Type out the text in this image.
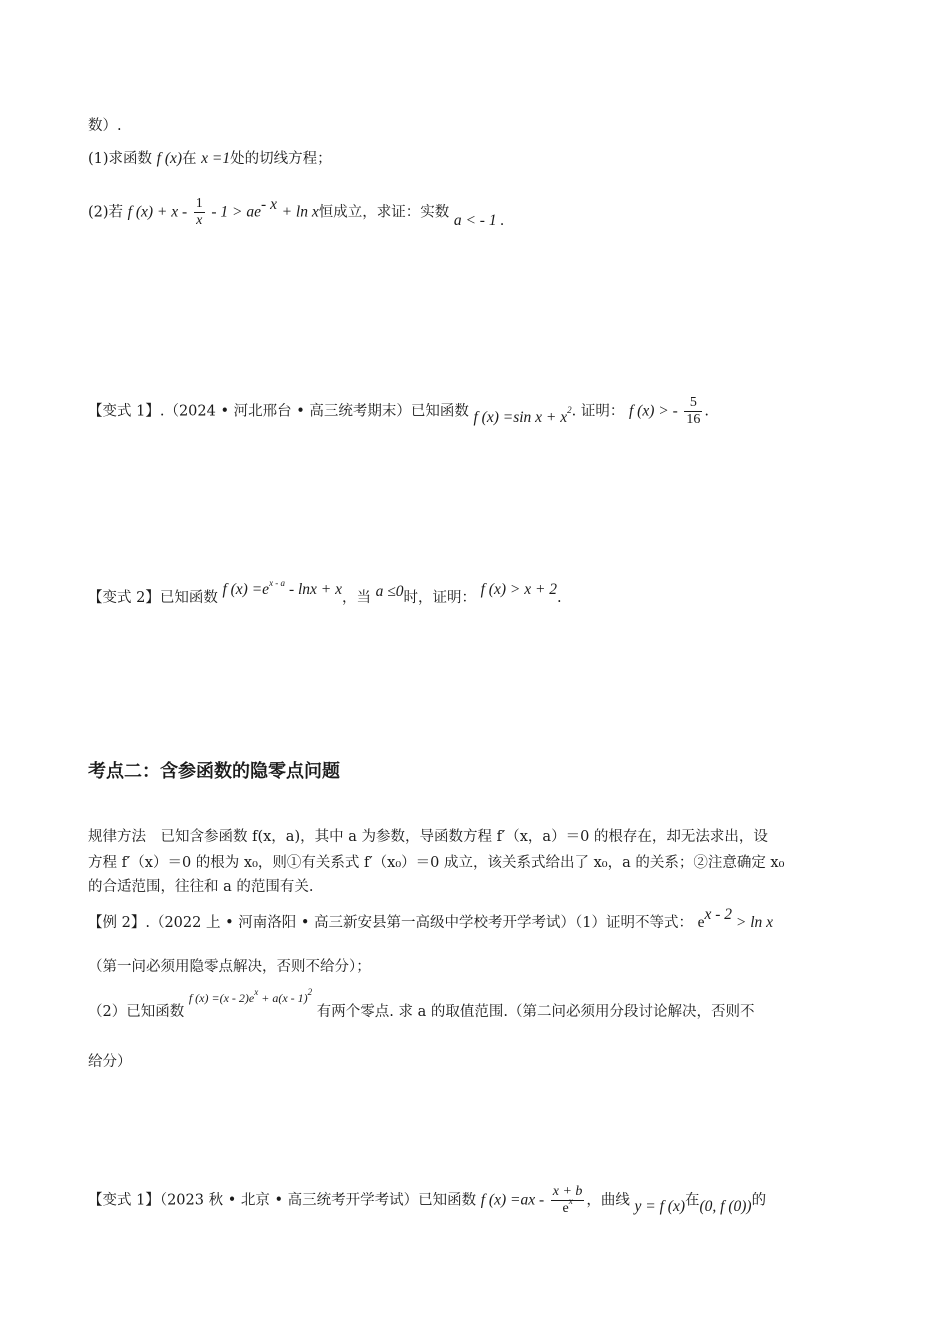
数）.
(1)求函数 f (x)在 x =1处的切线方程；
(2)若 f $(x) + x - \frac{1}{x} - 1 > ae^{- x} + \ln x$恒成立，求证：实数 a < - 1 .
【变式 1】.（2024 • 河北邢台 • 高三统考期末）已知函数 f (x) =sin $x + x^2$. 证明： f (x) > - $\frac{5}{16}$ .
【变式 2】已知函数 f $(x) =e^{x - a} - \ln x + x$，当 a ≤0时，证明： f (x) > x + 2.
考点二：含参函数的隐零点问题
规律方法　已知含参函数 f(x，a)，其中 a 为参数，导函数方程 f′（x，a）＝0 的根存在，却无法求出，设
方程 f′（x）＝0 的根为 x₀，则①有关系式 f′（x₀）＝0 成立，该关系式给出了 x₀，a 的关系；②注意确定 x₀
的合适范围，往往和 a 的范围有关.
【例 2】.（2022 上 • 河南洛阳 • 高三新安县第一高级中学校考开学考试）（1）证明不等式： $e^{x - 2} > \ln x$
（第一问必须用隐零点解决，否则不给分）；
（2）已知函数 $^{f (x) =(x - 2)e^x + a(x - 1)^2}$ 有两个零点. 求 a 的取值范围.（第二问必须用分段讨论解决，否则不
给分）
【变式 1】（2023 秋 • 北京 • 高三统考开学考试）已知函数 f $(x) =ax - \frac{x + b}{e^x}$ ，曲线 y = f (x)在(0, f (0))的
